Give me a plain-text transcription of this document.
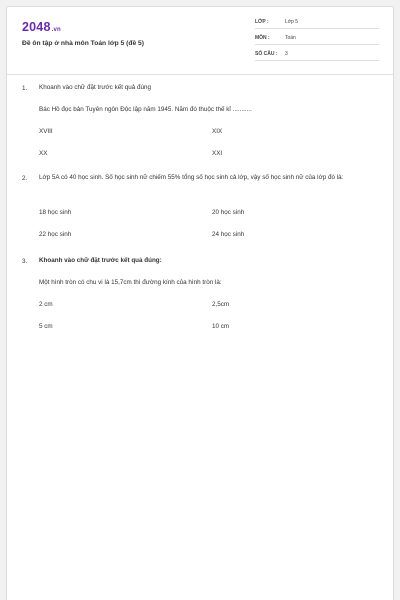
2048.vn
Đề ôn tập ở nhà môn Toán lớp 5 (đề 5)
LỚP :	Lớp 5
MÔN :	Toán
SỐ CÂU : 3
1. Khoanh vào chữ đặt trước kết quả đúng
Bác Hồ đọc bản Tuyên ngôn Độc lập năm 1945. Năm đó thuộc thế kỉ ...........
XVIII	XIX
XX	XXI
2. Lớp 5A có 40 học sinh. Số học sinh nữ chiếm 55% tổng số học sinh cả lớp, vậy số học sinh nữ của lớp đó là:
18 học sinh	20 học sinh
22 học sinh	24 học sinh
3. Khoanh vào chữ đặt trước kết quả đúng:
Một hình tròn có chu vi là 15,7cm thì đường kính của hình tròn là:
2 cm	2,5cm
5 cm	10 cm
